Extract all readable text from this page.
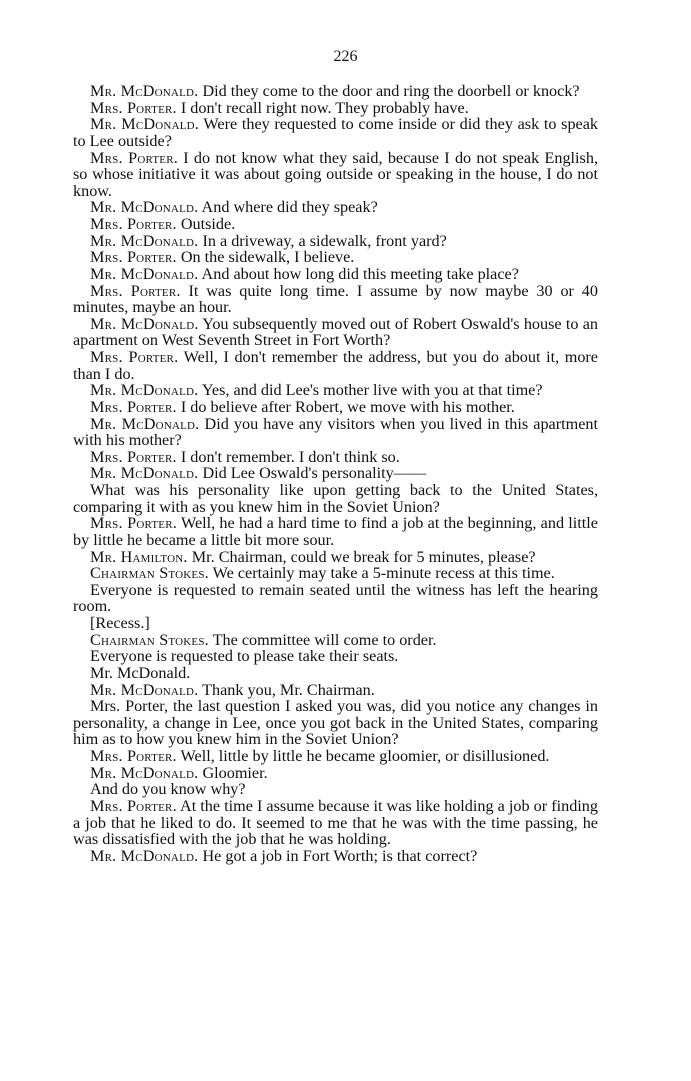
226

Mr. McDonald. Did they come to the door and ring the doorbell or knock?

Mrs. Porter. I don't recall right now. They probably have.

Mr. McDonald. Were they requested to come inside or did they ask to speak to Lee outside?

Mrs. Porter. I do not know what they said, because I do not speak English, so whose initiative it was about going outside or speaking in the house, I do not know.

Mr. McDonald. And where did they speak?

Mrs. Porter. Outside.

Mr. McDonald. In a driveway, a sidewalk, front yard?

Mrs. Porter. On the sidewalk, I believe.

Mr. McDonald. And about how long did this meeting take place?

Mrs. Porter. It was quite long time. I assume by now maybe 30 or 40 minutes, maybe an hour.

Mr. McDonald. You subsequently moved out of Robert Oswald's house to an apartment on West Seventh Street in Fort Worth?

Mrs. Porter. Well, I don't remember the address, but you do about it, more than I do.

Mr. McDonald. Yes, and did Lee's mother live with you at that time?

Mrs. Porter. I do believe after Robert, we move with his mother.

Mr. McDonald. Did you have any visitors when you lived in this apartment with his mother?

Mrs. Porter. I don't remember. I don't think so.

Mr. McDonald. Did Lee Oswald's personality——

What was his personality like upon getting back to the United States, comparing it with as you knew him in the Soviet Union?

Mrs. Porter. Well, he had a hard time to find a job at the beginning, and little by little he became a little bit more sour.

Mr. Hamilton. Mr. Chairman, could we break for 5 minutes, please?

Chairman Stokes. We certainly may take a 5-minute recess at this time.

Everyone is requested to remain seated until the witness has left the hearing room.

[Recess.]

Chairman Stokes. The committee will come to order.

Everyone is requested to please take their seats.

Mr. McDonald.

Mr. McDonald. Thank you, Mr. Chairman.

Mrs. Porter, the last question I asked you was, did you notice any changes in personality, a change in Lee, once you got back in the United States, comparing him as to how you knew him in the Soviet Union?

Mrs. Porter. Well, little by little he became gloomier, or disillusioned.

Mr. McDonald. Gloomier.

And do you know why?

Mrs. Porter. At the time I assume because it was like holding a job or finding a job that he liked to do. It seemed to me that he was with the time passing, he was dissatisfied with the job that he was holding.

Mr. McDonald. He got a job in Fort Worth; is that correct?
